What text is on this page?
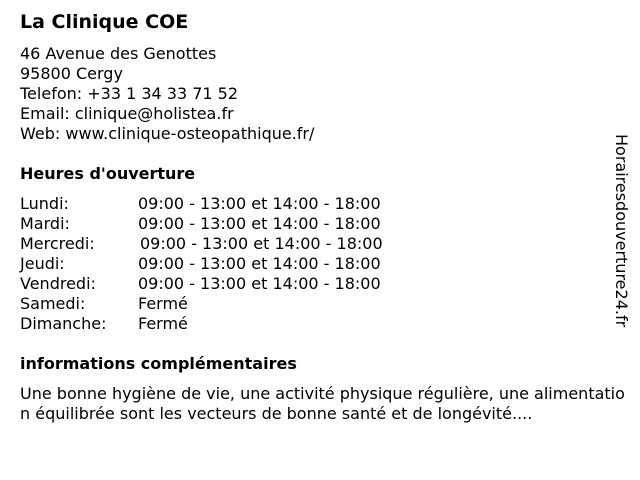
La Clinique COE
46 Avenue des Genottes
95800 Cergy
Telefon: +33 1 34 33 71 52
Email: clinique@holistea.fr
Web: www.clinique-osteopathique.fr/
Heures d'ouverture
Lundi:	09:00 - 13:00 et 14:00 - 18:00
Mardi:	09:00 - 13:00 et 14:00 - 18:00
Mercredi:	09:00 - 13:00 et 14:00 - 18:00
Jeudi:	09:00 - 13:00 et 14:00 - 18:00
Vendredi:	09:00 - 13:00 et 14:00 - 18:00
Samedi:	Fermé
Dimanche: Fermé
informations complémentaires
Une bonne hygiène de vie, une activité physique régulière, une alimentation équilibrée sont les vecteurs de bonne santé et de longévité....
Horairesdouverture24.fr
